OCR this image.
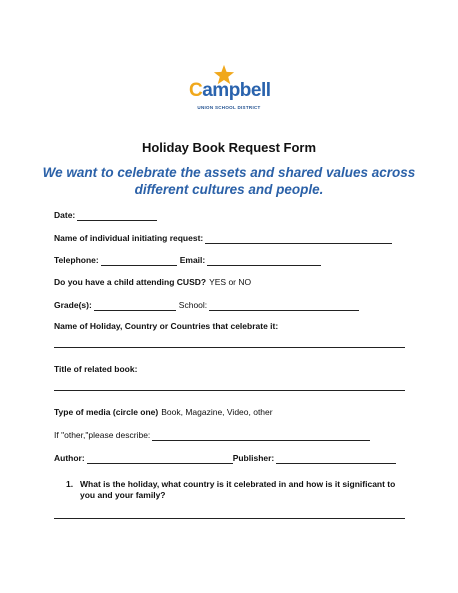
Campbell
UNION SCHOOL DISTRICT
Holiday Book Request Form
We want to celebrate the assets and shared values across different cultures and people.
Date:
Name of individual initiating request:
Telephone:	Email:
Do you have a child attending CUSD? YES or NO
Grade(s):	School:
Name of Holiday, Country or Countries that celebrate it:
Title of related book:
Type of media (circle one) Book, Magazine, Video, other
If "other,"please describe:
Author:	Publisher:
1. What is the holiday, what country is it celebrated in and how is it significant to you and your family?
